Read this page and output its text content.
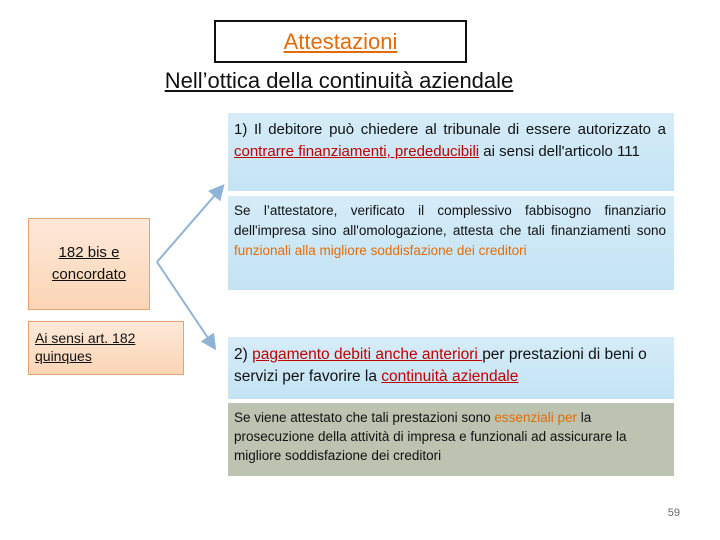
Attestazioni
Nell’ottica della continuità aziendale
182 bis e
concordato
Ai sensi art. 182 quinques
1) Il debitore può chiedere al tribunale di essere autorizzato a contrarre finanziamenti, prededucibili ai sensi dell'articolo 111
Se l’attestatore, verificato il complessivo fabbisogno finanziario dell'impresa sino all'omologazione, attesta che tali finanziamenti sono funzionali alla migliore soddisfazione dei creditori
2) pagamento debiti anche anteriori per prestazioni di beni o servizi per favorire la continuità aziendale
Se viene attestato che tali prestazioni sono essenziali per la prosecuzione della attività di impresa e funzionali ad assicurare la migliore soddisfazione dei creditori
59
